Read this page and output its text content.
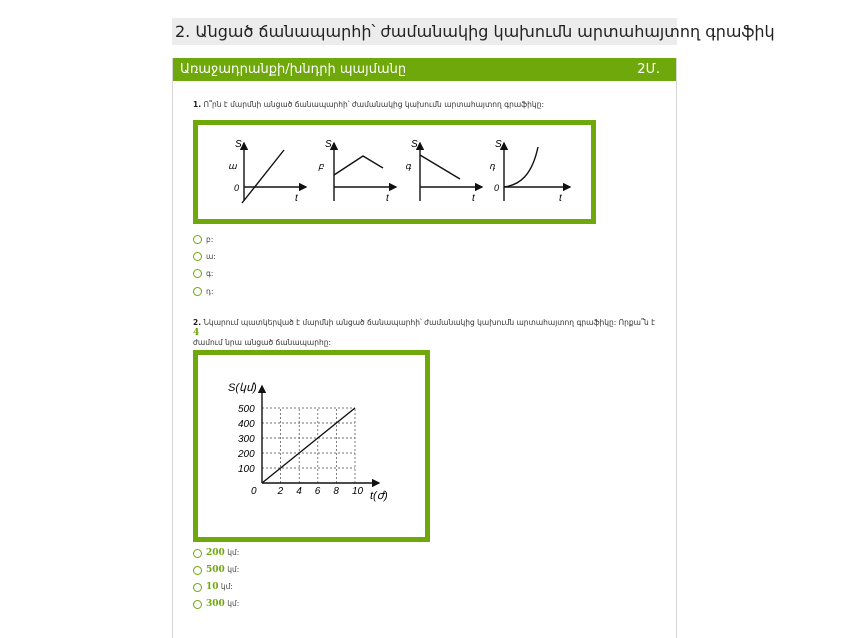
2. Անցած ճանապարհի՝ ժամանակից կախումն արտահայտող գրաֆիկ
Առաջադրանքի/խնդրի պայմանը	2Մ.
1. Ո՞րն է մարմնի անցած ճանապարհի՝ ժամանակից կախումն արտահայտող գրաֆիկը:
S
ա
0
t
S
բ
t
S
գ
t
S
դ
0
t
բ:
ա:
գ:
դ:
2. Նկարում պատկերված է մարմնի անցած ճանապարհի՝ ժամանակից կախումն արտահայտող գրաֆիկը: Որքա՞ն է 4
ժամում նրա անցած ճանապարհը:
S(կմ)
t(ժ)
0 2 4 6 8 10
100
200
300
400
500
200 կմ:
500 կմ:
10 կմ:
300 կմ:
